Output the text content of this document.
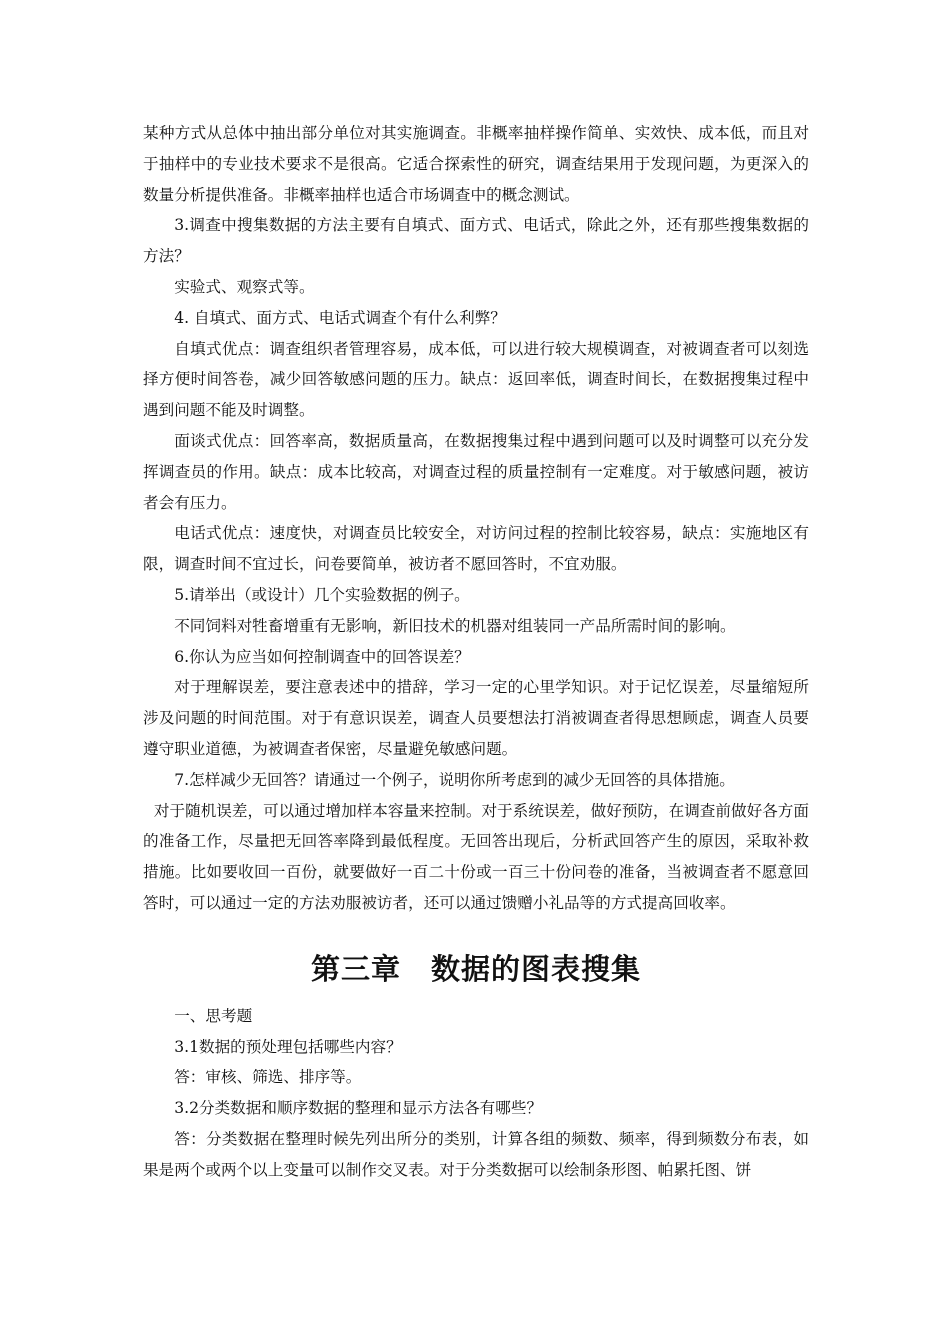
某种方式从总体中抽出部分单位对其实施调查。非概率抽样操作简单、实效快、成本低，而且对于抽样中的专业技术要求不是很高。它适合探索性的研究，调查结果用于发现问题，为更深入的数量分析提供准备。非概率抽样也适合市场调查中的概念测试。

3.调查中搜集数据的方法主要有自填式、面方式、电话式，除此之外，还有那些搜集数据的方法？

实验式、观察式等。

4. 自填式、面方式、电话式调查个有什么利弊？

自填式优点：调查组织者管理容易，成本低，可以进行较大规模调查，对被调查者可以刻选择方便时间答卷，减少回答敏感问题的压力。缺点：返回率低，调查时间长，在数据搜集过程中遇到问题不能及时调整。

面谈式优点：回答率高，数据质量高，在数据搜集过程中遇到问题可以及时调整可以充分发挥调查员的作用。缺点：成本比较高，对调查过程的质量控制有一定难度。对于敏感问题，被访者会有压力。

电话式优点：速度快，对调查员比较安全，对访问过程的控制比较容易，缺点：实施地区有限，调查时间不宜过长，问卷要简单，被访者不愿回答时，不宜劝服。

5.请举出（或设计）几个实验数据的例子。

不同饲料对牲畜增重有无影响，新旧技术的机器对组装同一产品所需时间的影响。

6.你认为应当如何控制调查中的回答误差？

对于理解误差，要注意表述中的措辞，学习一定的心里学知识。对于记忆误差，尽量缩短所涉及问题的时间范围。对于有意识误差，调查人员要想法打消被调查者得思想顾虑，调查人员要遵守职业道德，为被调查者保密，尽量避免敏感问题。

7.怎样减少无回答？请通过一个例子，说明你所考虑到的减少无回答的具体措施。

对于随机误差，可以通过增加样本容量来控制。对于系统误差，做好预防，在调查前做好各方面的准备工作，尽量把无回答率降到最低程度。无回答出现后，分析武回答产生的原因，采取补救措施。比如要收回一百份，就要做好一百二十份或一百三十份问卷的准备，当被调查者不愿意回答时，可以通过一定的方法劝服被访者，还可以通过馈赠小礼品等的方式提高回收率。

第三章　数据的图表搜集

一、思考题

3.1数据的预处理包括哪些内容？

答：审核、筛选、排序等。

3.2分类数据和顺序数据的整理和显示方法各有哪些？

答：分类数据在整理时候先列出所分的类别，计算各组的频数、频率，得到频数分布表，如果是两个或两个以上变量可以制作交叉表。对于分类数据可以绘制条形图、帕累托图、饼
